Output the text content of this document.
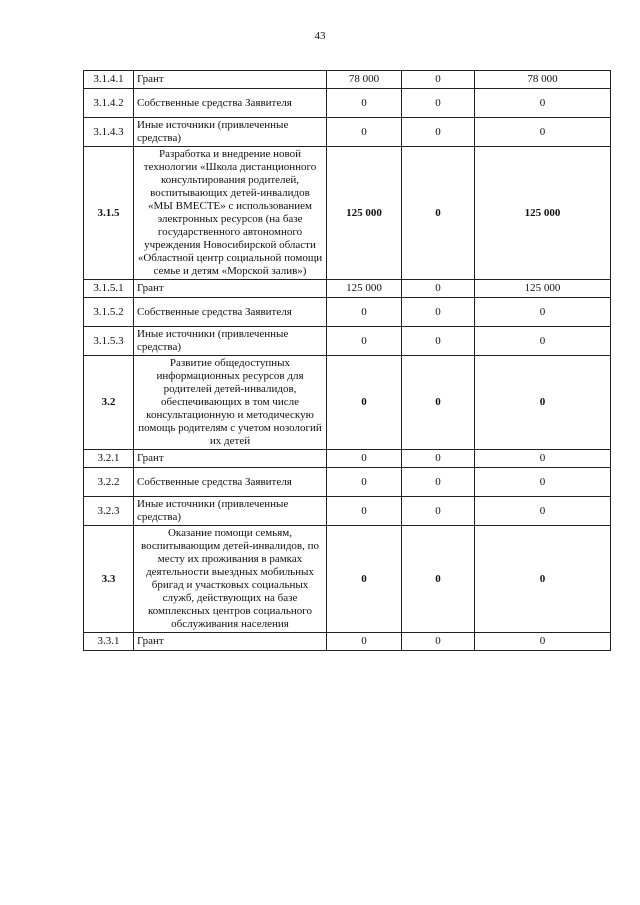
43
3.1.4.1	Грант	78 000	0	78 000
3.1.4.2	Собственные средства Заявителя	0	0	0
3.1.4.3	Иные источники (привлеченные средства)	0	0	0
3.1.5	Разработка и внедрение новой технологии «Школа дистанционного консультирования родителей, воспитывающих детей-инвалидов «МЫ ВМЕСТЕ» с использованием электронных ресурсов (на базе государственного автономного учреждения Новосибирской области «Областной центр социальной помощи семье и детям «Морской залив»)	125 000	0	125 000
3.1.5.1	Грант	125 000	0	125 000
3.1.5.2	Собственные средства Заявителя	0	0	0
3.1.5.3	Иные источники (привлеченные средства)	0	0	0
3.2	Развитие общедоступных информационных ресурсов для родителей детей-инвалидов, обеспечивающих в том числе консультационную и методическую помощь родителям с учетом нозологий их детей	0	0	0
3.2.1	Грант	0	0	0
3.2.2	Собственные средства Заявителя	0	0	0
3.2.3	Иные источники (привлеченные средства)	0	0	0
3.3	Оказание помощи семьям, воспитывающим детей-инвалидов, по месту их проживания в рамках деятельности выездных мобильных бригад и участковых социальных служб, действующих на базе комплексных центров социального обслуживания населения	0	0	0
3.3.1	Грант	0	0	0
